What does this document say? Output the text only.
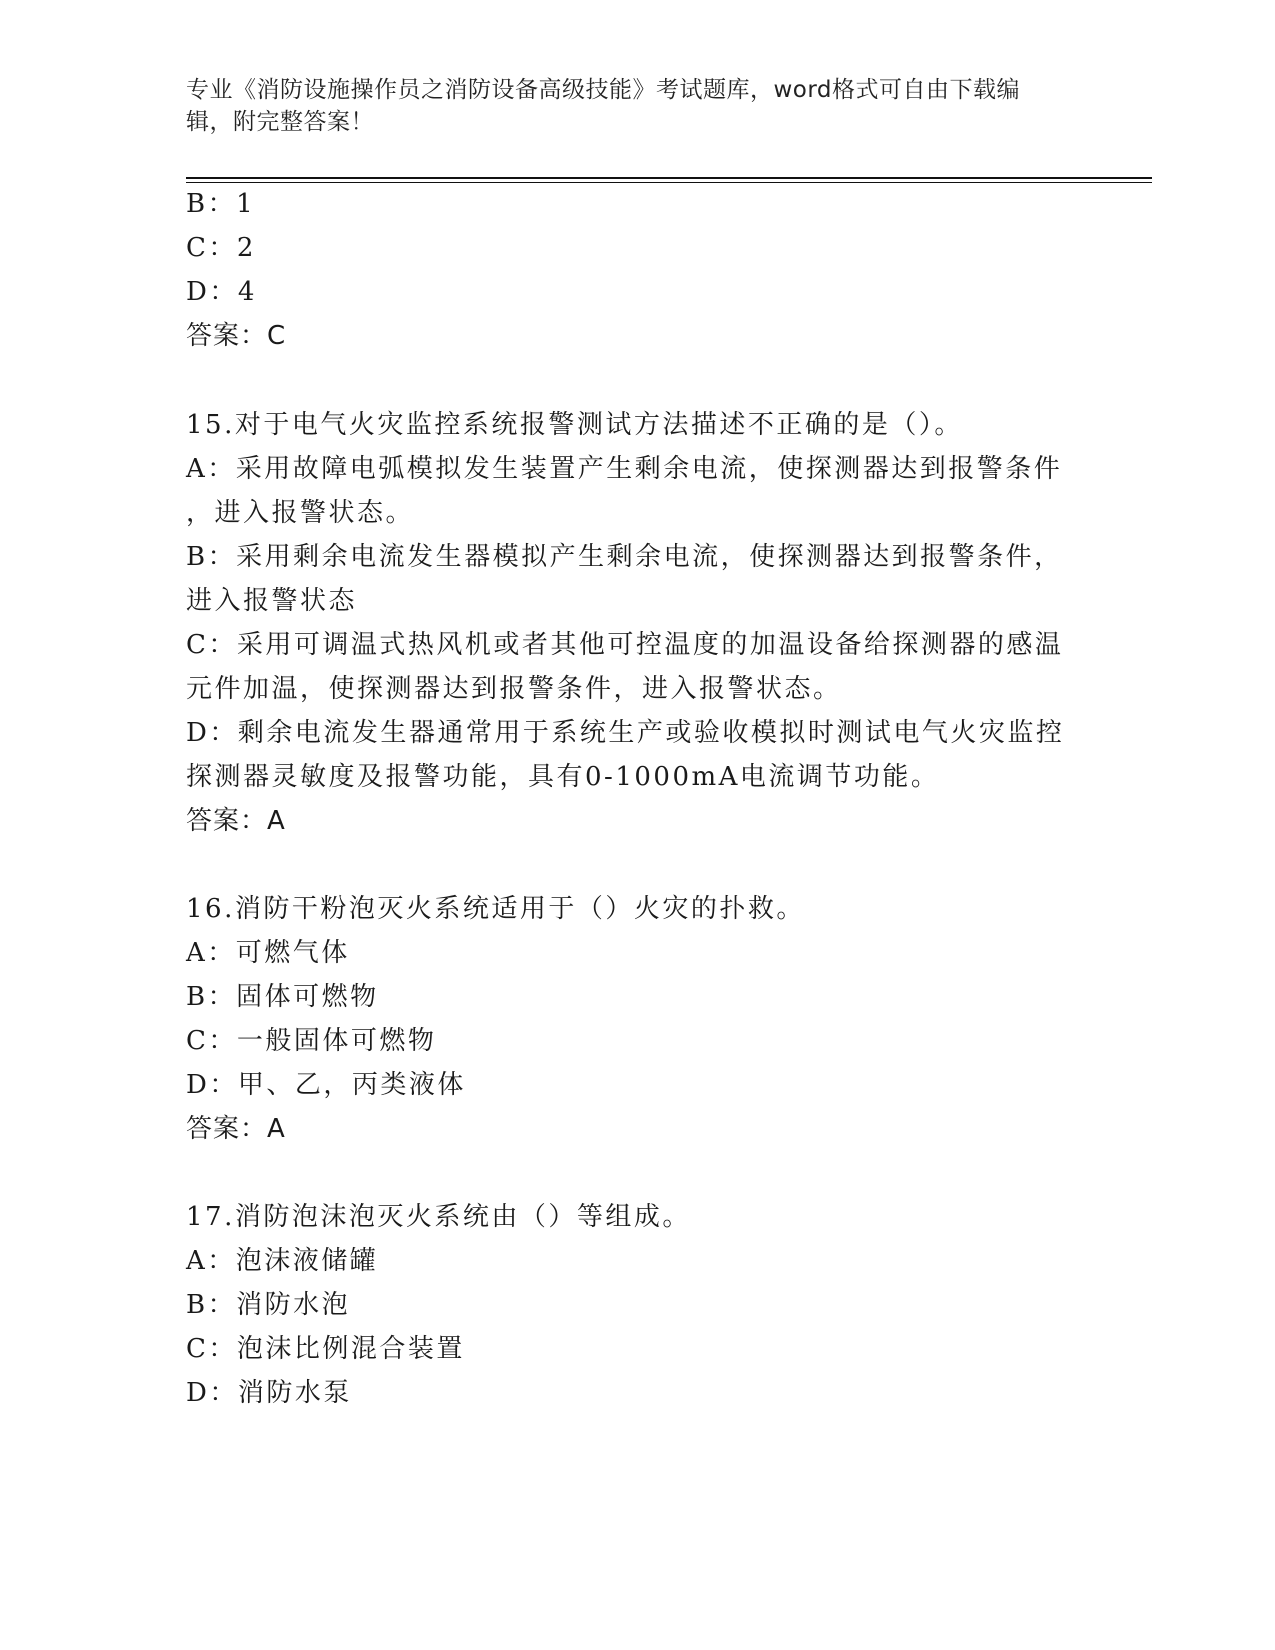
专业《消防设施操作员之消防设备高级技能》考试题库，word格式可自由下载编辑，附完整答案！
B：1
C：2
D：4
答案：C
15.对于电气火灾监控系统报警测试方法描述不正确的是（）。
A：采用故障电弧模拟发生装置产生剩余电流，使探测器达到报警条件
，进入报警状态。
B：采用剩余电流发生器模拟产生剩余电流，使探测器达到报警条件，
进入报警状态
C：采用可调温式热风机或者其他可控温度的加温设备给探测器的感温
元件加温，使探测器达到报警条件，进入报警状态。
D：剩余电流发生器通常用于系统生产或验收模拟时测试电气火灾监控
探测器灵敏度及报警功能，具有0-1000mA电流调节功能。
答案：A
16.消防干粉泡灭火系统适用于（）火灾的扑救。
A：可燃气体
B：固体可燃物
C：一般固体可燃物
D：甲、乙，丙类液体
答案：A
17.消防泡沫泡灭火系统由（）等组成。
A：泡沫液储罐
B：消防水泡
C：泡沫比例混合装置
D：消防水泵
